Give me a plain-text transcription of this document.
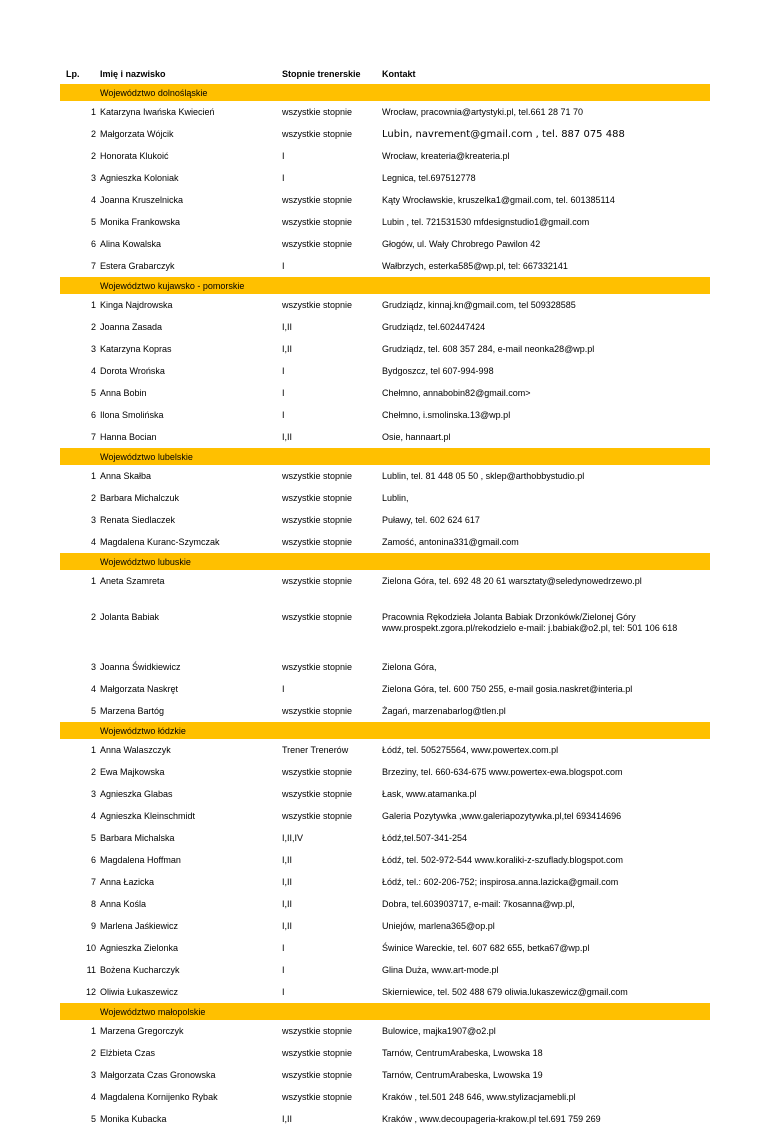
Lp. Imię i nazwisko	Stopnie trenerskie Kontakt
Województwo dolnośląskie
1 Katarzyna Iwańska Kwiecień	wszystkie stopnie	Wrocław, pracownia@artystyki.pl, tel.661 28 71 70
2 Małgorzata Wójcik	wszystkie stopnie	Lubin, navrement@gmail.com , tel. 887 075 488
2 Honorata Klukoić	I	Wrocław, kreateria@kreateria.pl
3 Agnieszka Koloniak	I	Legnica, tel.697512778
4 Joanna Kruszelnicka	wszystkie stopnie	Kąty Wrocławskie, kruszelka1@gmail.com, tel. 601385114
5 Monika Frankowska	wszystkie stopnie	Lubin , tel. 721531530 mfdesignstudio1@gmail.com
6 Alina Kowalska	wszystkie stopnie	Głogów, ul. Wały Chrobrego Pawilon 42
7 Estera Grabarczyk	I	Wałbrzych, esterka585@wp.pl, tel: 667332141
Województwo kujawsko - pomorskie
1 Kinga Najdrowska	wszystkie stopnie	Grudziądz, kinnaj.kn@gmail.com, tel 509328585
2 Joanna Zasada	I,II	Grudziądz, tel.602447424
3 Katarzyna Kopras	I,II	Grudziądz, tel. 608 357 284, e-mail neonka28@wp.pl
4 Dorota Wrońska	I	Bydgoszcz, tel 607-994-998
5 Anna Bobin	I	Chełmno, annabobin82@gmail.com>
6 Ilona Smolińska	I	Chełmno, i.smolinska.13@wp.pl
7 Hanna Bocian	I,II	Osie, hannaart.pl
Województwo lubelskie
1 Anna Skałba	wszystkie stopnie	Lublin, tel. 81 448 05 50 , sklep@arthobbystudio.pl
2 Barbara Michalczuk	wszystkie stopnie	Lublin,
3 Renata Siedlaczek	wszystkie stopnie	Puławy, tel. 602 624 617
4 Magdalena Kuranc-Szymczak	wszystkie stopnie	Zamość, antonina331@gmail.com
Województwo lubuskie
1 Aneta Szamreta	wszystkie stopnie	Zielona Góra, tel. 692 48 20 61 warsztaty@seledynowedrzewo.pl
2 Jolanta Babiak	wszystkie stopnie	Pracownia Rękodzieła Jolanta Babiak Drzonkówk/Zielonej Góry www.prospekt.zgora.pl/rekodzielo e-mail: j.babiak@o2.pl, tel: 501 106 618
3 Joanna Świdkiewicz	wszystkie stopnie	Zielona Góra,
4 Małgorzata Naskręt	I	Zielona Góra, tel. 600 750 255, e-mail gosia.naskret@interia.pl
5 Marzena Bartóg	wszystkie stopnie	Żagań, marzenabarlog@tlen.pl
Województwo łódzkie
1 Anna Walaszczyk	Trener Trenerów	Łódź, tel. 505275564, www.powertex.com.pl
2 Ewa Majkowska	wszystkie stopnie	Brzeziny, tel. 660-634-675 www.powertex-ewa.blogspot.com
3 Agnieszka Glabas	wszystkie stopnie	Łask, www.atamanka.pl
4 Agnieszka Kleinschmidt	wszystkie stopnie	Galeria Pozytywka ,www.galeriapozytywka.pl,tel 693414696
5 Barbara Michalska	I,II,IV	Łódź,tel.507-341-254
6 Magdalena Hoffman	I,II	Łódź, tel. 502-972-544 www.koraliki-z-szuflady.blogspot.com
7 Anna Łazicka	I,II	Łódź, tel.: 602-206-752; inspirosa.anna.lazicka@gmail.com
8 Anna Kośla	I,II	Dobra, tel.603903717, e-mail: 7kosanna@wp.pl,
9 Marlena Jaśkiewicz	I,II	Uniejów, marlena365@op.pl
10 Agnieszka Zielonka	I	Świnice Wareckie, tel. 607 682 655, betka67@wp.pl
11 Bożena Kucharczyk	I	Glina Duża, www.art-mode.pl
12 Oliwia Łukaszewicz	I	Skierniewice, tel. 502 488 679 oliwia.lukaszewicz@gmail.com
Województwo małopolskie
1 Marzena Gregorczyk	wszystkie stopnie	Bulowice, majka1907@o2.pl
2 Elżbieta Czas	wszystkie stopnie	Tarnów, CentrumArabeska, Lwowska 18
3 Małgorzata Czas Gronowska	wszystkie stopnie	Tarnów, CentrumArabeska, Lwowska 19
4 Magdalena Kornijenko Rybak	wszystkie stopnie	Kraków , tel.501 248 646, www.stylizacjamebli.pl
5 Monika Kubacka	I,II	Kraków , www.decoupageria-krakow.pl tel.691 759 269
